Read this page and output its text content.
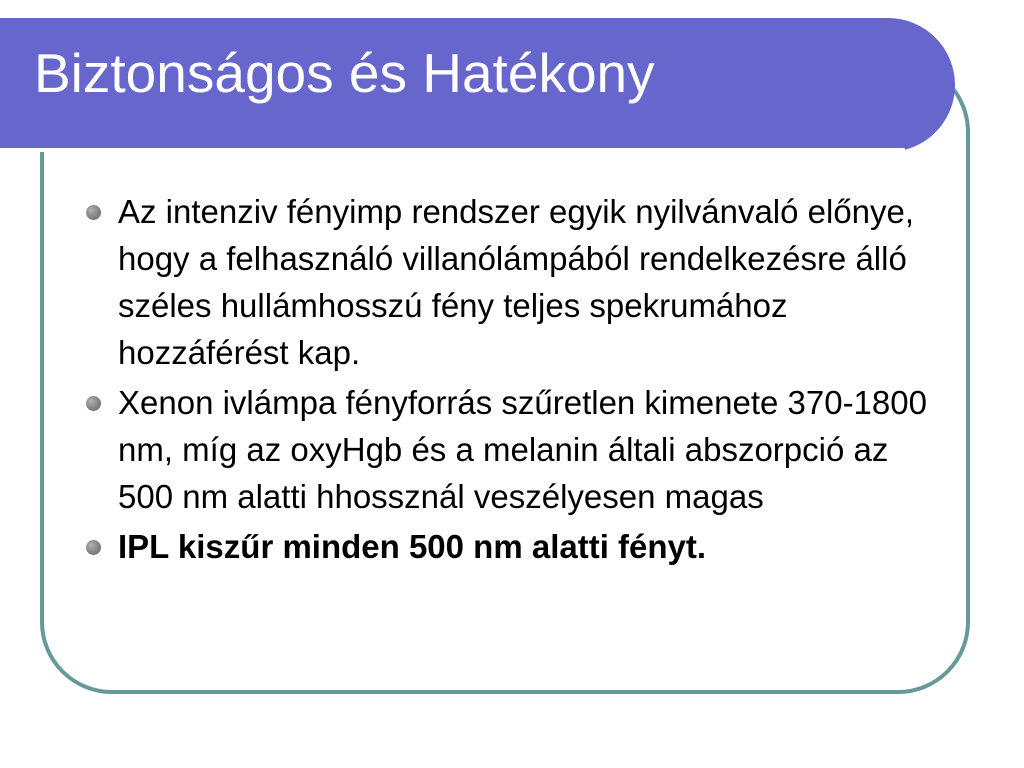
Biztonságos és Hatékony
Az intenziv fényimp rendszer egyik nyilvánvaló előnye, hogy a felhasználó villanólámpából rendelkezésre álló széles hullámhosszú fény teljes spekrumához hozzáférést kap.
Xenon ivlámpa fényforrás szűretlen kimenete 370-1800 nm, míg az oxyHgb és a melanin általi abszorpció az 500 nm alatti hhossznál veszélyesen magas
IPL kiszűr minden 500 nm alatti fényt.
